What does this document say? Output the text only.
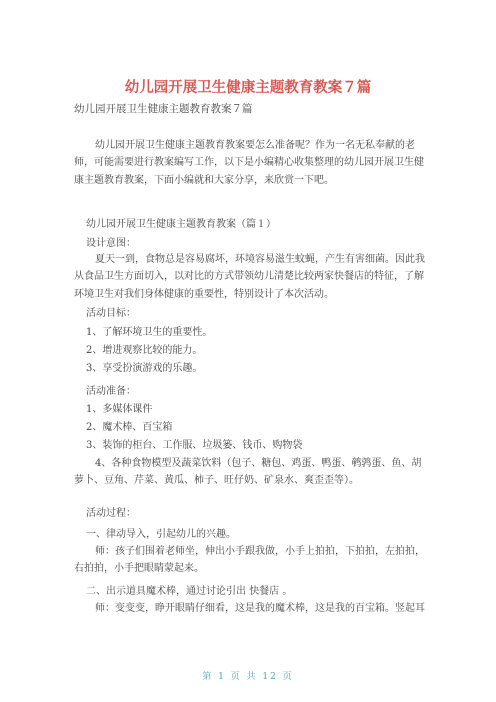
幼儿园开展卫生健康主题教育教案７篇
幼儿园开展卫生健康主题教育教案７篇
幼儿园开展卫生健康主题教育教案要怎么准备呢？作为一名无私奉献的老师，可能需要进行教案编写工作，以下是小编精心收集整理的幼儿园开展卫生健康主题教育教案，下面小编就和大家分享，来欣赏一下吧。
幼儿园开展卫生健康主题教育教案（篇１）
设计意图：
夏天一到，食物总是容易腐坏，环境容易滋生蚊蝇，产生有害细菌。因此我从食品卫生方面切入，以对比的方式带领幼儿清楚比较两家快餐店的特征，了解环境卫生对我们身体健康的重要性，特别设计了本次活动。
活动目标：
1、了解环境卫生的重要性。
2、增进观察比较的能力。
3、享受扮演游戏的乐趣。
活动准备：
1、多媒体课件
2、魔术棒、百宝箱
3、装饰的柜台、工作服、垃圾篓、钱币、购物袋
4、各种食物模型及蔬菜饮料（包子、糖包、鸡蛋、鸭蛋、鹌鹑蛋、鱼、胡萝卜、豆角、芹菜、黄瓜、柿子、旺仔奶、矿泉水、爽歪歪等）。
活动过程：
一、律动导入，引起幼儿的兴趣。
师：孩子们围着老师坐，伸出小手跟我做，小手上拍拍，下拍拍，左拍拍，右拍拍，小手把眼睛蒙起来。
二、出示道具魔术棒，通过讨论引出 快餐店 。
师：变变变，睁开眼睛仔细看，这是我的魔术棒，这是我的百宝箱。竖起耳
第 1 页 共 12 页
